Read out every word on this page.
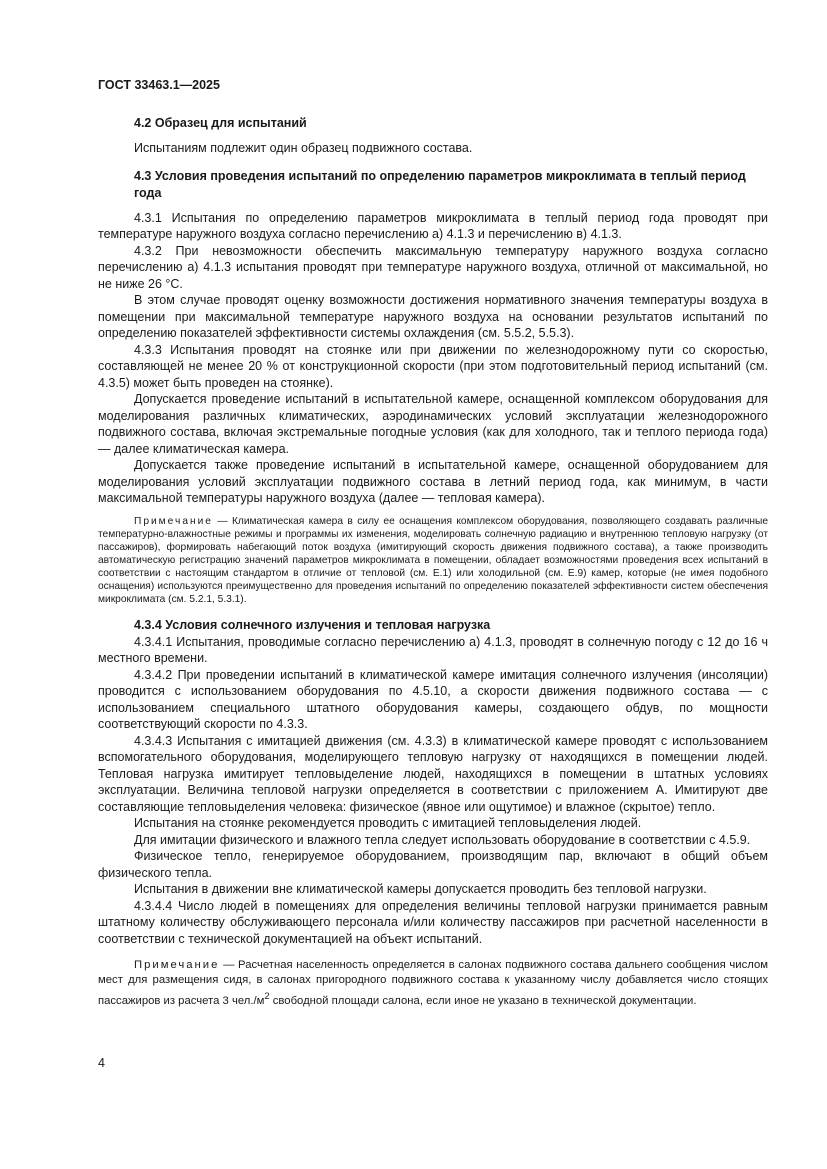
ГОСТ 33463.1—2025
4.2 Образец для испытаний

Испытаниям подлежит один образец подвижного состава.

4.3 Условия проведения испытаний по определению параметров микроклимата в теплый период года

4.3.1 Испытания по определению параметров микроклимата в теплый период года проводят при температуре наружного воздуха согласно перечислению а) 4.1.3 и перечислению в) 4.1.3.

4.3.2 При невозможности обеспечить максимальную температуру наружного воздуха согласно перечислению а) 4.1.3 испытания проводят при температуре наружного воздуха, отличной от максимальной, но не ниже 26 °С.

В этом случае проводят оценку возможности достижения нормативного значения температуры воздуха в помещении при максимальной температуре наружного воздуха на основании результатов испытаний по определению показателей эффективности системы охлаждения (см. 5.5.2, 5.5.3).

4.3.3 Испытания проводят на стоянке или при движении по железнодорожному пути со скоростью, составляющей не менее 20 % от конструкционной скорости (при этом подготовительный период испытаний (см. 4.3.5) может быть проведен на стоянке).

Допускается проведение испытаний в испытательной камере, оснащенной комплексом оборудования для моделирования различных климатических, аэродинамических условий эксплуатации железнодорожного подвижного состава, включая экстремальные погодные условия (как для холодного, так и теплого периода года) — далее климатическая камера.

Допускается также проведение испытаний в испытательной камере, оснащенной оборудованием для моделирования условий эксплуатации подвижного состава в летний период года, как минимум, в части максимальной температуры наружного воздуха (далее — тепловая камера).

Примечание — Климатическая камера в силу ее оснащения комплексом оборудования, позволяющего создавать различные температурно-влажностные режимы и программы их изменения, моделировать солнечную радиацию и внутреннюю тепловую нагрузку (от пассажиров), формировать набегающий поток воздуха (имитирующий скорость движения подвижного состава), а также производить автоматическую регистрацию значений параметров микроклимата в помещении, обладает возможностями проведения всех испытаний в соответствии с настоящим стандартом в отличие от тепловой (см. Е.1) или холодильной (см. Е.9) камер, которые (не имея подобного оснащения) используются преимущественно для проведения испытаний по определению показателей эффективности систем обеспечения микроклимата (см. 5.2.1, 5.3.1).

4.3.4 Условия солнечного излучения и тепловая нагрузка

4.3.4.1 Испытания, проводимые согласно перечислению а) 4.1.3, проводят в солнечную погоду с 12 до 16 ч местного времени.

4.3.4.2 При проведении испытаний в климатической камере имитация солнечного излучения (инсоляции) проводится с использованием оборудования по 4.5.10, а скорости движения подвижного состава — с использованием специального штатного оборудования камеры, создающего обдув, по мощности соответствующий скорости по 4.3.3.

4.3.4.3 Испытания с имитацией движения (см. 4.3.3) в климатической камере проводят с использованием вспомогательного оборудования, моделирующего тепловую нагрузку от находящихся в помещении людей. Тепловая нагрузка имитирует тепловыделение людей, находящихся в помещении в штатных условиях эксплуатации. Величина тепловой нагрузки определяется в соответствии с приложением А. Имитируют две составляющие тепловыделения человека: физическое (явное или ощутимое) и влажное (скрытое) тепло.

Испытания на стоянке рекомендуется проводить с имитацией тепловыделения людей.

Для имитации физического и влажного тепла следует использовать оборудование в соответствии с 4.5.9.

Физическое тепло, генерируемое оборудованием, производящим пар, включают в общий объем физического тепла.

Испытания в движении вне климатической камеры допускается проводить без тепловой нагрузки.

4.3.4.4 Число людей в помещениях для определения величины тепловой нагрузки принимается равным штатному количеству обслуживающего персонала и/или количеству пассажиров при расчетной населенности в соответствии с технической документацией на объект испытаний.

Примечание — Расчетная населенность определяется в салонах подвижного состава дальнего сообщения числом мест для размещения сидя, в салонах пригородного подвижного состава к указанному числу добавляется число стоящих пассажиров из расчета 3 $чел./м^2$ свободной площади салона, если иное не указано в технической документации.

4
